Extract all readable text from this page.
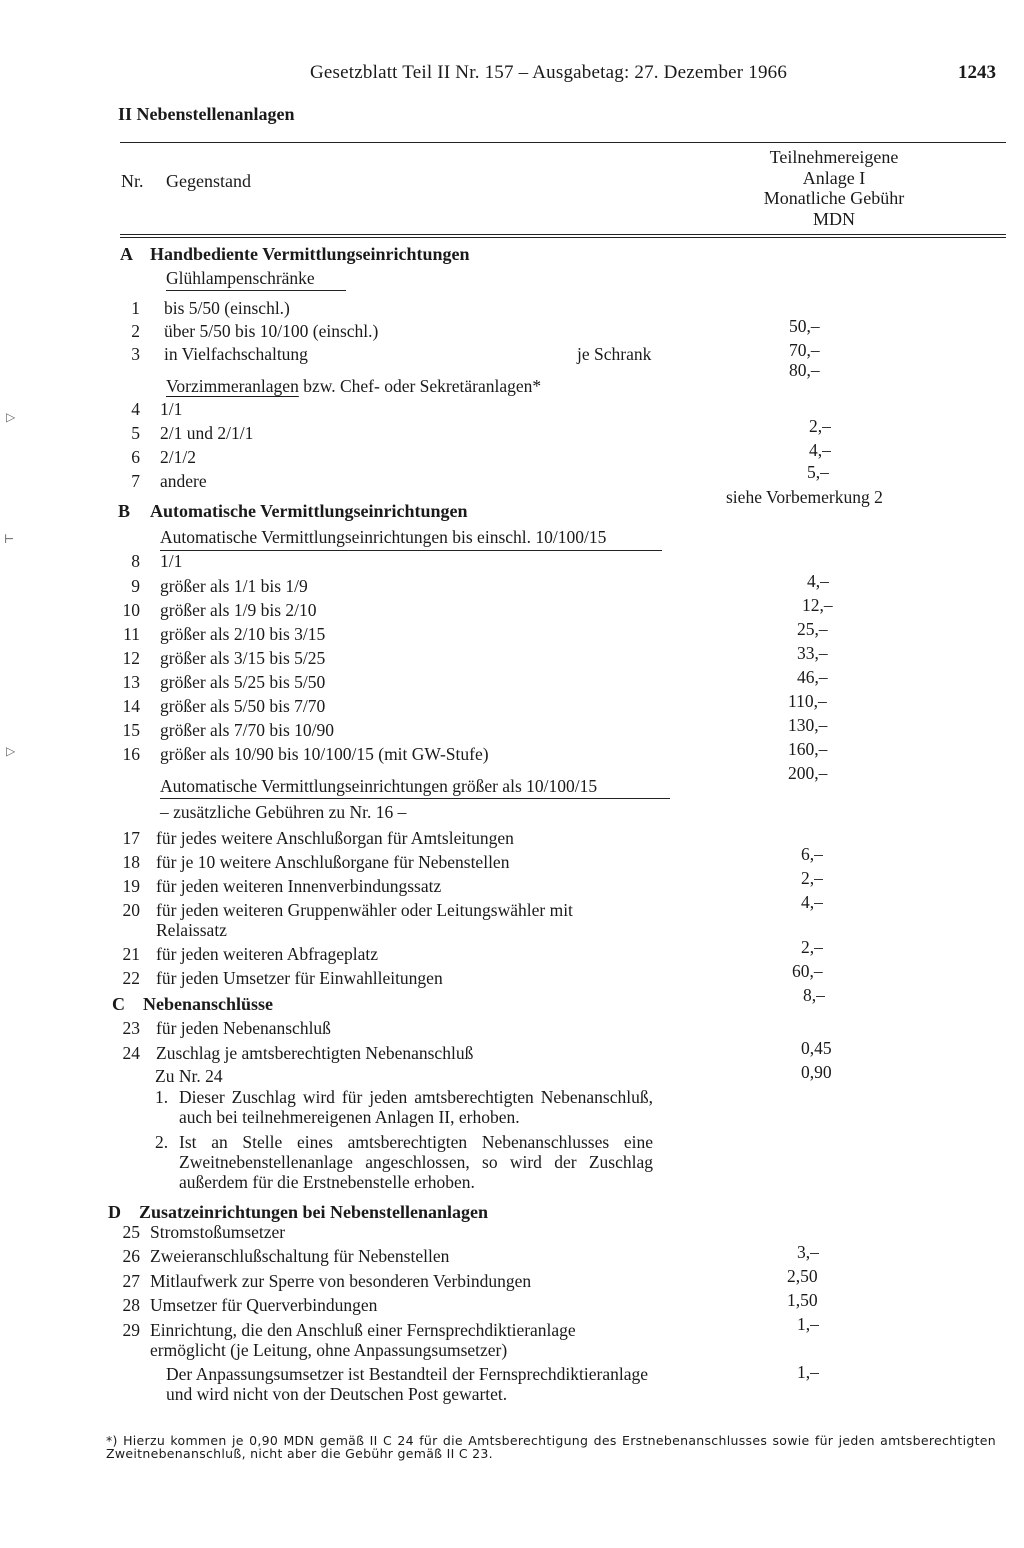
Gesetzblatt Teil II Nr. 157 – Ausgabetag: 27. Dezember 1966	1243
II Nebenstellenanlagen
Nr. Gegenstand
Teilnehmereigene
Anlage I
Monatliche Gebühr
MDN
A Handbediente Vermittlungseinrichtungen
Glühlampenschränke
Vorzimmeranlagen bzw. Chef- oder Sekretäranlagen*
B Automatische Vermittlungseinrichtungen
Automatische Vermittlungseinrichtungen bis einschl. 10/100/15
Automatische Vermittlungseinrichtungen größer als 10/100/15
– zusätzliche Gebühren zu Nr. 16 –
C Nebenanschlüsse
Zu Nr. 24
1. Dieser Zuschlag wird für jeden amtsberechtigten Nebenanschluß, auch bei teilnehmereigenen Anlagen II, erhoben.
2. Ist an Stelle eines amtsberechtigten Nebenanschlusses eine Zweitnebenstellenanlage angeschlossen, so wird der Zuschlag außerdem für die Erstnebenstelle erhoben.
D Zusatzeinrichtungen bei Nebenstellenanlagen
Der Anpassungsumsetzer ist Bestandteil der Fernsprechdiktieranlage und wird nicht von der Deutschen Post gewartet.
1 bis 5/50 (einschl.)
50,–
2 über 5/50 bis 10/100 (einschl.)
70,–
3 in Vielfachschaltung	je Schrank
80,–
4 1/1
2,–
5 2/1 und 2/1/1
4,–
6 2/1/2
5,–
7 andere
siehe Vorbemerkung 2
8 1/1
4,–
9 größer als 1/1 bis 1/9
12,–
10 größer als 1/9 bis 2/10
25,–
11 größer als 2/10 bis 3/15
33,–
12 größer als 3/15 bis 5/25
46,–
13 größer als 5/25 bis 5/50
110,–
14 größer als 5/50 bis 7/70
130,–
15 größer als 7/70 bis 10/90
160,–
16 größer als 10/90 bis 10/100/15 (mit GW-Stufe)
200,–
17 für jedes weitere Anschlußorgan für Amtsleitungen
6,–
18 für je 10 weitere Anschlußorgane für Nebenstellen
2,–
19 für jeden weiteren Innenverbindungssatz
4,–
20 für jeden weiteren Gruppenwähler oder Leitungswähler mit
Relaissatz
2,–
21 für jeden weiteren Abfrageplatz
60,–
22 für jeden Umsetzer für Einwahlleitungen
8,–
23 für jeden Nebenanschluß
0,45
24 Zuschlag je amtsberechtigten Nebenanschluß
0,90
25 Stromstoßumsetzer
3,–
26 Zweieranschlußschaltung für Nebenstellen
2,50
27 Mitlaufwerk zur Sperre von besonderen Verbindungen
1,50
28 Umsetzer für Querverbindungen
1,–
29 Einrichtung, die den Anschluß einer Fernsprechdiktieranlage
ermöglicht (je Leitung, ohne Anpassungsumsetzer)
1,–
*) Hierzu kommen je 0,90 MDN gemäß II C 24 für die Amtsberechtigung des Erstnebenanschlusses sowie für jeden amtsberechtigten Zweitnebenanschluß, nicht aber die Gebühr gemäß II C 23.
▷
⊢
▷
